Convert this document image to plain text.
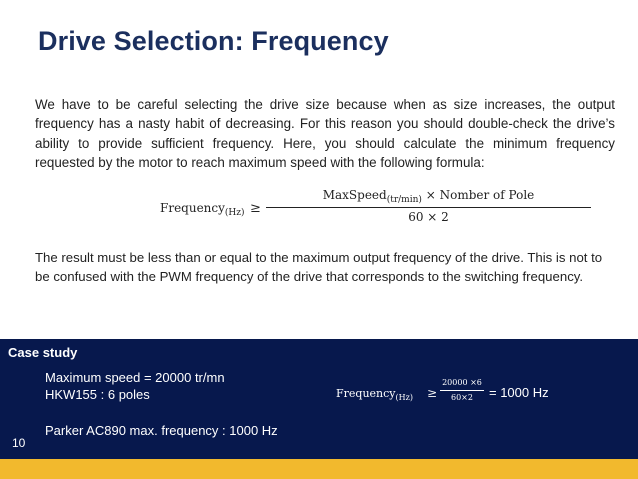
Drive Selection: Frequency
We have to be careful selecting the drive size because when as size increases, the output frequency has a nasty habit of decreasing. For this reason you should double-check the drive’s ability to provide sufficient frequency. Here, you should calculate the minimum frequency requested by the motor to reach maximum speed with the following formula:
Frequency$_{(Hz)}$ ≥
MaxSpeed$_{(tr/min)}$ × Nomber of Pole
60 × 2
The result must be less than or equal to the maximum output frequency of the drive. This is not to be confused with the PWM frequency of the drive that corresponds to the switching frequency.
Case study
Maximum speed = 20000 tr/mn
HKW155 : 6 poles
Parker AC890 max. frequency : 1000 Hz
Frequency$_{(Hz)}$ ≥
20000 ×6
60×2	= 1000 Hz
10
